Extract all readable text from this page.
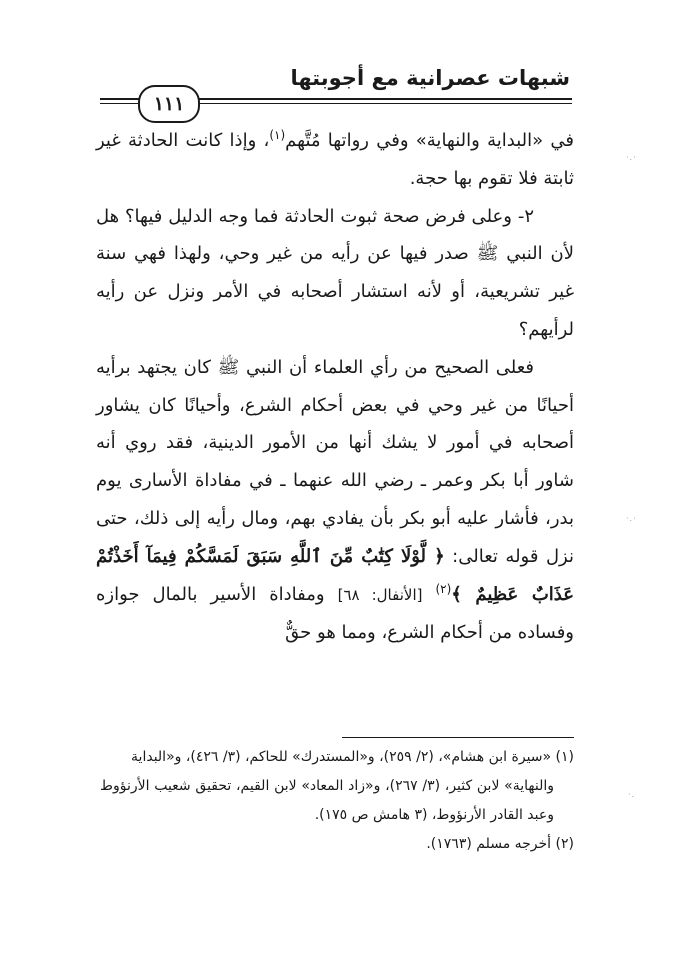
شبهات عصرانية مع أجوبتها
١١١

في «البداية والنهاية» وفي رواتها مُتَّهم$^{(١)}$، وإذا كانت الحادثة غير ثابتة فلا تقوم بها حجة.

٢- وعلى فرض صحة ثبوت الحادثة فما وجه الدليل فيها؟ هل لأن النبي ﷺ صدر فيها عن رأيه من غير وحي، ولهذا فهي سنة غير تشريعية، أو لأنه استشار أصحابه في الأمر ونزل عن رأيه لرأيهم؟

فعلى الصحيح من رأي العلماء أن النبي ﷺ كان يجتهد برأيه أحيانًا من غير وحي في بعض أحكام الشرع، وأحيانًا كان يشاور أصحابه في أمور لا يشك أنها من الأمور الدينية، فقد روي أنه شاور أبا بكر وعمر ـ رضي الله عنهما ـ في مفاداة الأسارى يوم بدر، فأشار عليه أبو بكر بأن يفادي بهم، ومال رأيه إلى ذلك، حتى نزل قوله تعالى: ﴿ لَّوْلَا كِتَٰبٌ مِّنَ ٱللَّهِ سَبَقَ لَمَسَّكُمْ فِيمَآ أَخَذْتُمْ عَذَابٌ عَظِيمٌ ﴾$^{(٢)}$ [الأنفال: ٦٨] ومفاداة الأسير بالمال جوازه وفساده من أحكام الشرع، ومما هو حقٌّ

(١) «سيرة ابن هشام»، (٢/ ٢٥٩)، و«المستدرك» للحاكم، (٣/ ٤٢٦)، و«البداية

والنهاية» لابن كثير، (٣/ ٢٦٧)، و«زاد المعاد» لابن القيم، تحقيق شعيب الأرنؤوط وعبد القادر الأرنؤوط، (٣ هامش ص ١٧٥).

(٢) أخرجه مسلم (١٧٦٣).

·.·
·.·
·.
